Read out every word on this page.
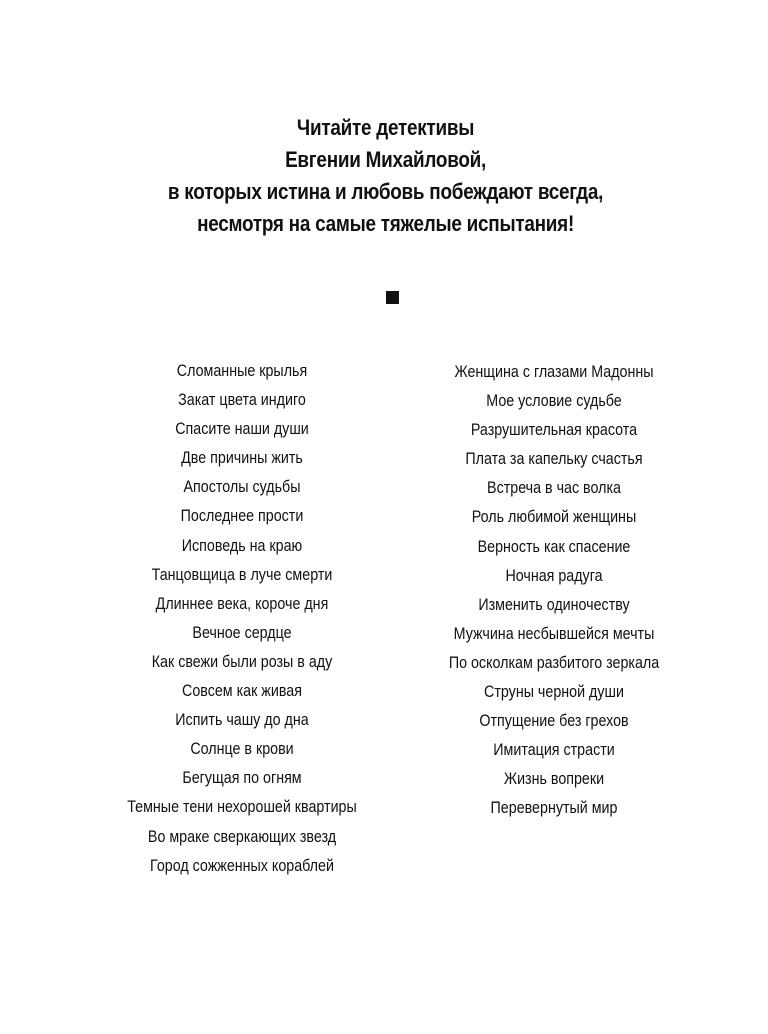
Читайте детективы
Евгении Михайловой,
в которых истина и любовь побеждают всегда,
несмотря на самые тяжелые испытания!
Сломанные крылья
Закат цвета индиго
Спасите наши души
Две причины жить
Апостолы судьбы
Последнее прости
Исповедь на краю
Танцовщица в луче смерти
Длиннее века, короче дня
Вечное сердце
Как свежи были розы в аду
Совсем как живая
Испить чашу до дна
Солнце в крови
Бегущая по огням
Темные тени нехорошей квартиры
Во мраке сверкающих звезд
Город сожженных кораблей
Женщина с глазами Мадонны
Мое условие судьбе
Разрушительная красота
Плата за капельку счастья
Встреча в час волка
Роль любимой женщины
Верность как спасение
Ночная радуга
Изменить одиночеству
Мужчина несбывшейся мечты
По осколкам разбитого зеркала
Струны черной души
Отпущение без грехов
Имитация страсти
Жизнь вопреки
Перевернутый мир
